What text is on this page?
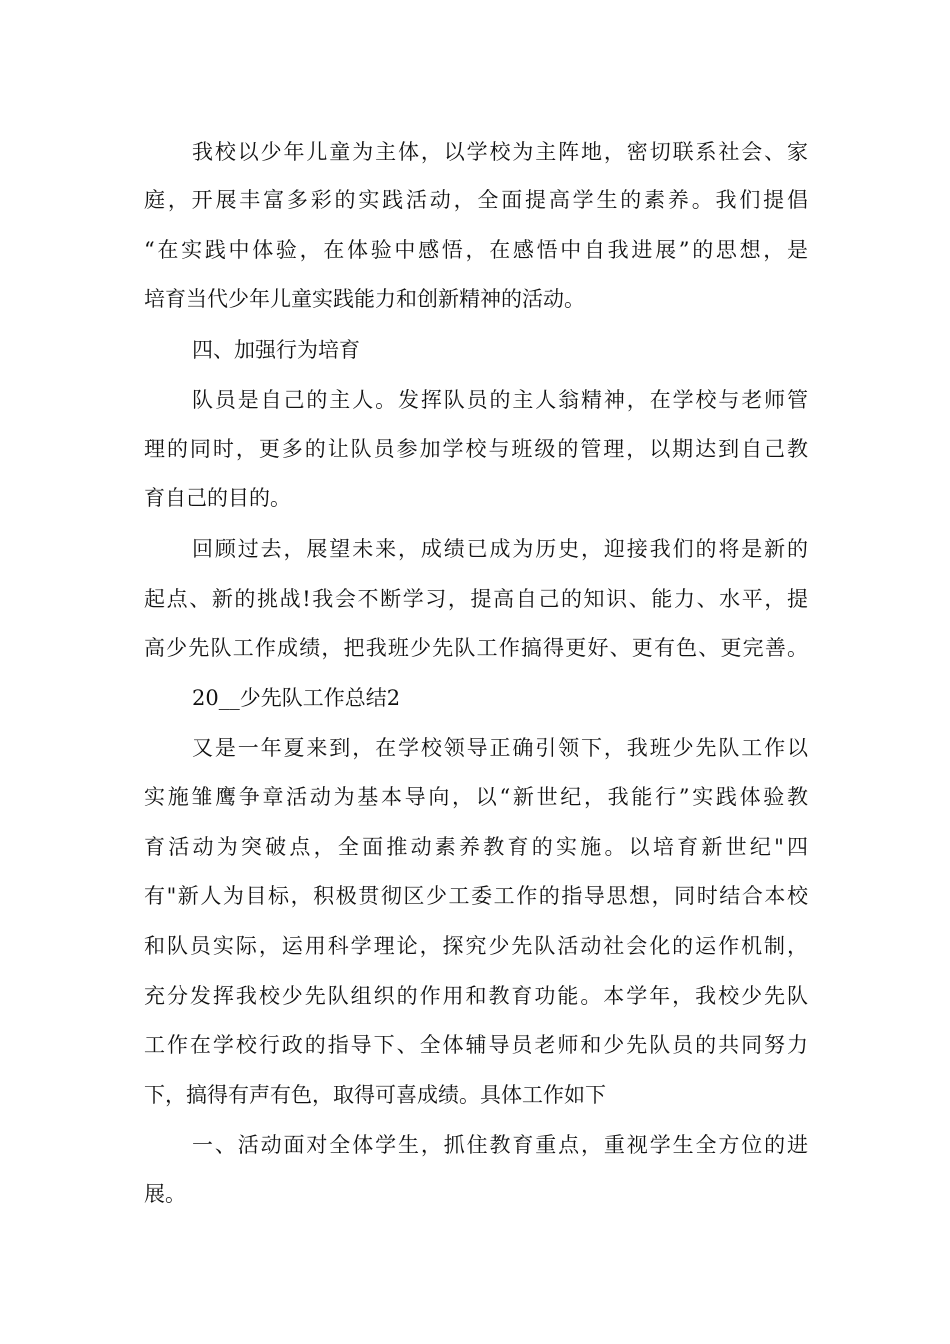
我校以少年儿童为主体，以学校为主阵地，密切联系社会、家
庭，开展丰富多彩的实践活动，全面提高学生的素养。我们提倡
“在实践中体验，在体验中感悟，在感悟中自我进展”的思想，是
培育当代少年儿童实践能力和创新精神的活动。
四、加强行为培育
队员是自己的主人。发挥队员的主人翁精神，在学校与老师管
理的同时，更多的让队员参加学校与班级的管理，以期达到自己教
育自己的目的。
回顾过去，展望未来，成绩已成为历史，迎接我们的将是新的
起点、新的挑战!我会不断学习，提高自己的知识、能力、水平，提
高少先队工作成绩，把我班少先队工作搞得更好、更有色、更完善。
20__少先队工作总结2
又是一年夏来到，在学校领导正确引领下，我班少先队工作以
实施雏鹰争章活动为基本导向，以“新世纪，我能行”实践体验教
育活动为突破点，全面推动素养教育的实施。以培育新世纪"四
有"新人为目标，积极贯彻区少工委工作的指导思想，同时结合本校
和队员实际，运用科学理论，探究少先队活动社会化的运作机制，
充分发挥我校少先队组织的作用和教育功能。本学年，我校少先队
工作在学校行政的指导下、全体辅导员老师和少先队员的共同努力
下，搞得有声有色，取得可喜成绩。具体工作如下
一、活动面对全体学生，抓住教育重点，重视学生全方位的进
展。
